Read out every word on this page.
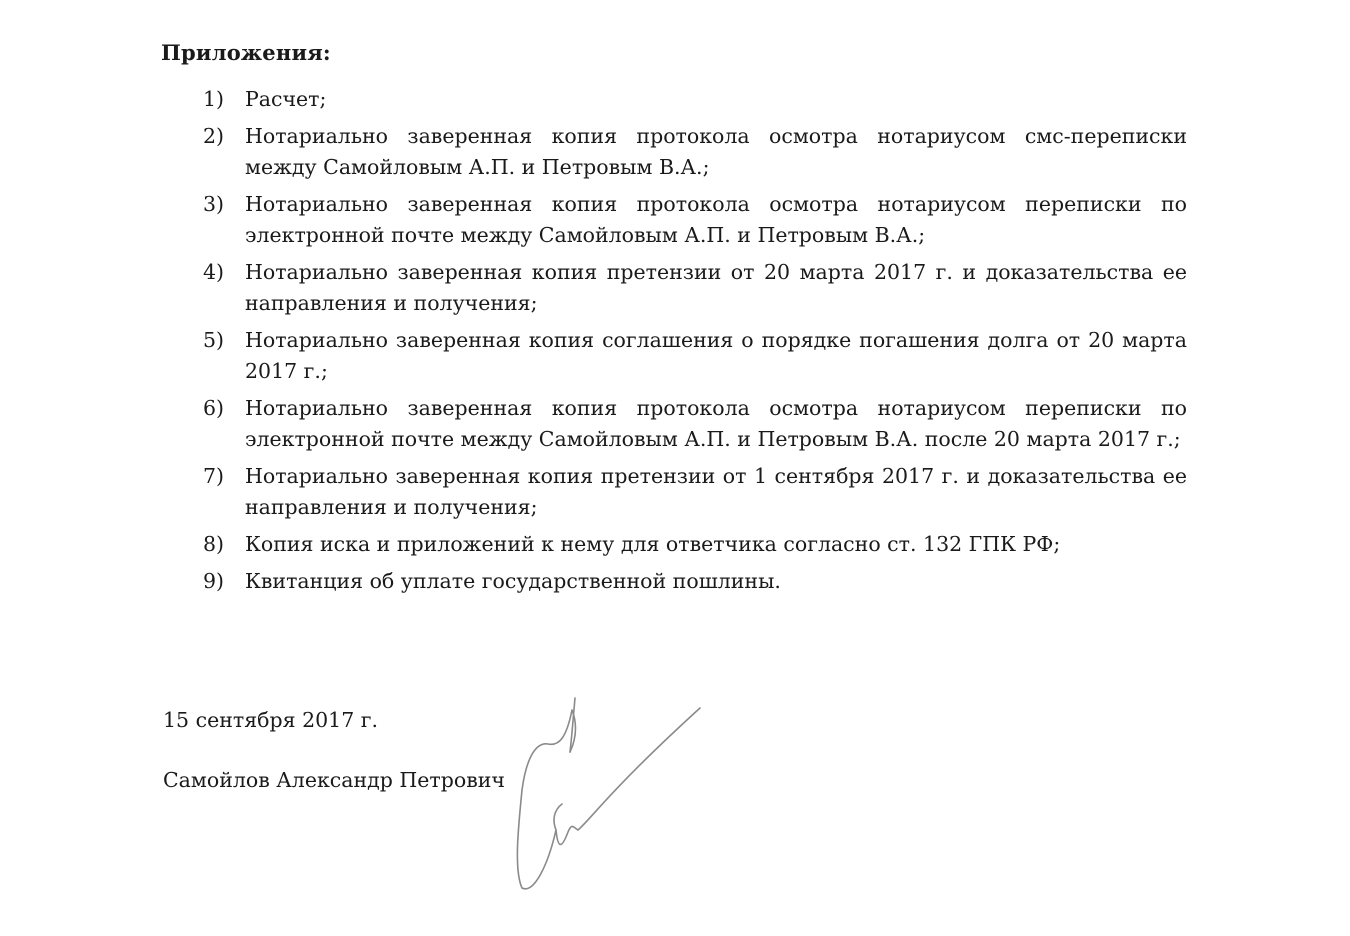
Приложения:
1)	Расчет;
2)	Нотариально заверенная копия протокола осмотра нотариусом смс-переписки между Самойловым А.П. и Петровым В.А.;
3)	Нотариально заверенная копия протокола осмотра нотариусом переписки по электронной почте между Самойловым А.П. и Петровым В.А.;
4)	Нотариально заверенная копия претензии от 20 марта 2017 г. и доказательства ее направления и получения;
5)	Нотариально заверенная копия соглашения о порядке погашения долга от 20 марта 2017 г.;
6)	Нотариально заверенная копия протокола осмотра нотариусом переписки по электронной почте между Самойловым А.П. и Петровым В.А. после 20 марта 2017 г.;
7)	Нотариально заверенная копия претензии от 1 сентября 2017 г. и доказательства ее направления и получения;
8)	Копия иска и приложений к нему для ответчика согласно ст. 132 ГПК РФ;
9)	Квитанция об уплате государственной пошлины.
15 сентября 2017 г.
Самойлов Александр Петрович
